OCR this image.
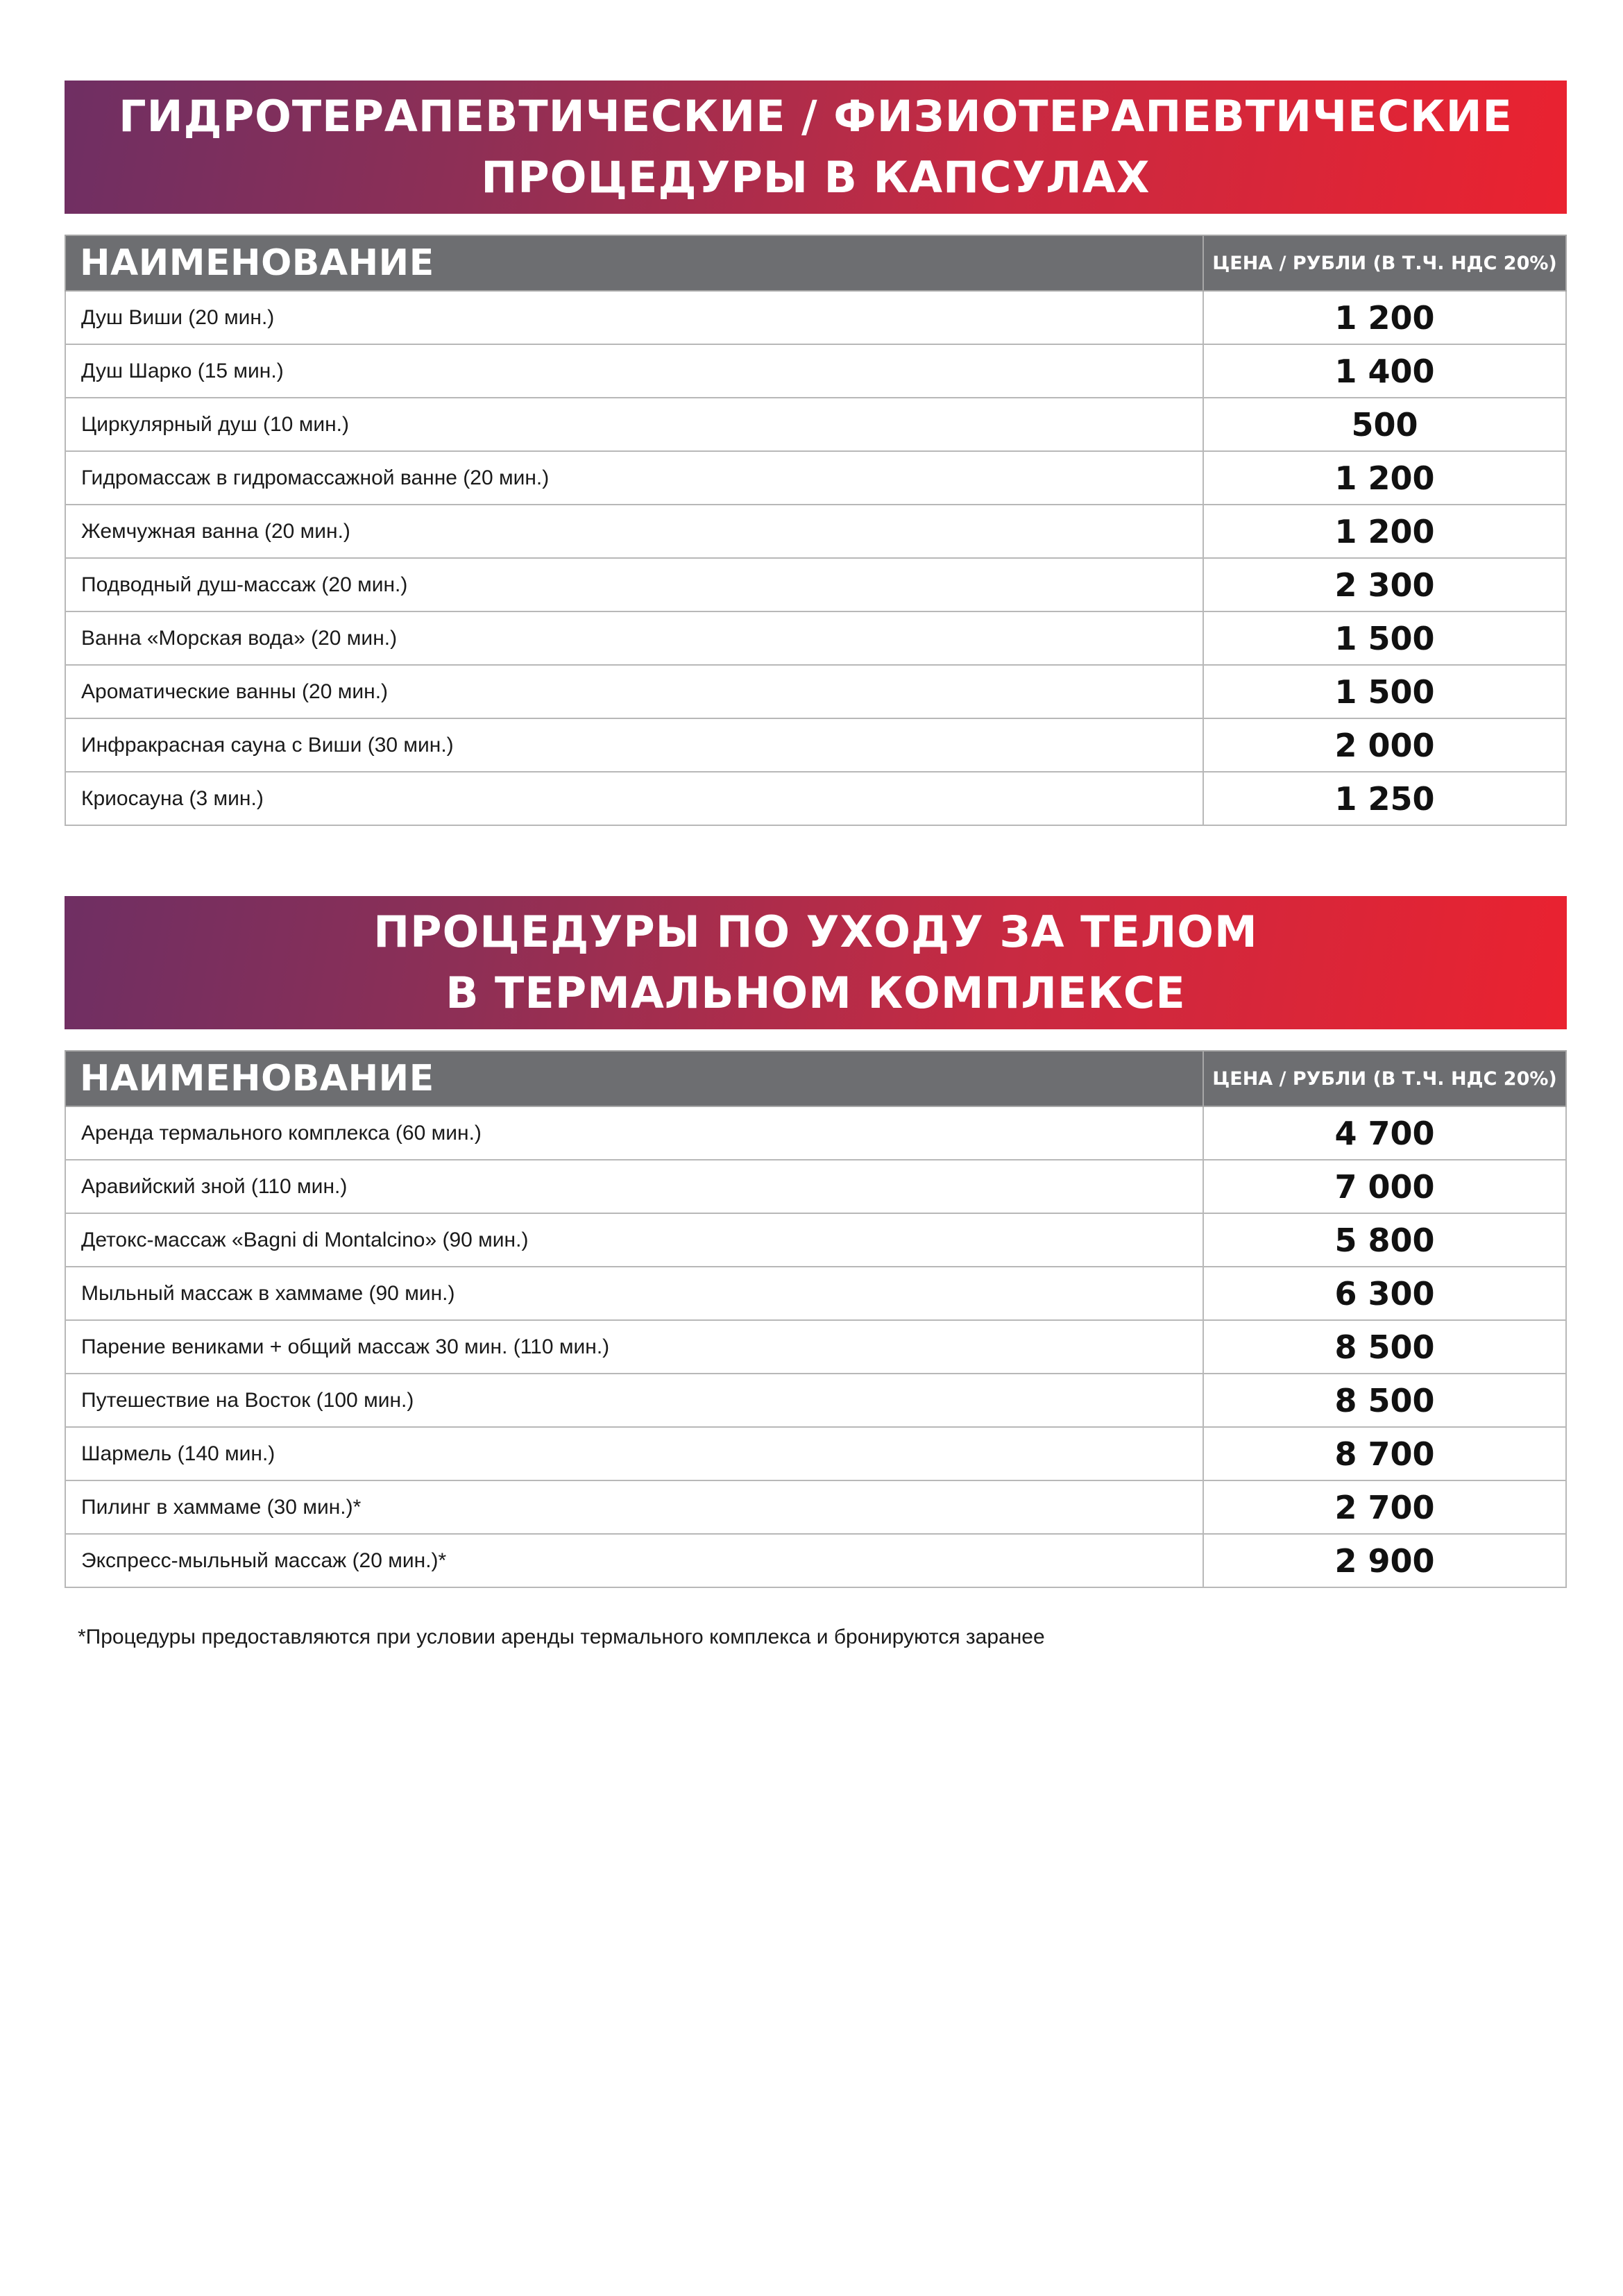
ГИДРОТЕРАПЕВТИЧЕСКИЕ / ФИЗИОТЕРАПЕВТИЧЕСКИЕ
ПРОЦЕДУРЫ В КАПСУЛАХ
НАИМЕНОВАНИЕ	ЦЕНА / РУБЛИ (В Т.Ч. НДС 20%)
Душ Виши (20 мин.)	1 200
Душ Шарко (15 мин.)	1 400
Циркулярный душ (10 мин.)	500
Гидромассаж в гидромассажной ванне (20 мин.)	1 200
Жемчужная ванна (20 мин.)	1 200
Подводный душ-массаж (20 мин.)	2 300
Ванна «Морская вода» (20 мин.)	1 500
Ароматические ванны (20 мин.)	1 500
Инфракрасная сауна с Виши (30 мин.)	2 000
Криосауна (3 мин.)	1 250
ПРОЦЕДУРЫ ПО УХОДУ ЗА ТЕЛОМ
В ТЕРМАЛЬНОМ КОМПЛЕКСЕ
НАИМЕНОВАНИЕ	ЦЕНА / РУБЛИ (В Т.Ч. НДС 20%)
Аренда термального комплекса (60 мин.)	4 700
Аравийский зной (110 мин.)	7 000
Детокс-массаж «Bagni di Montalcino» (90 мин.)	5 800
Мыльный массаж в хаммаме (90 мин.)	6 300
Парение вениками + общий массаж 30 мин. (110 мин.)	8 500
Путешествие на Восток (100 мин.)	8 500
Шармель (140 мин.)	8 700
Пилинг в хаммаме (30 мин.)*	2 700
Экспресс-мыльный массаж (20 мин.)*	2 900
*Процедуры предоставляются при условии аренды термального комплекса и бронируются заранее
